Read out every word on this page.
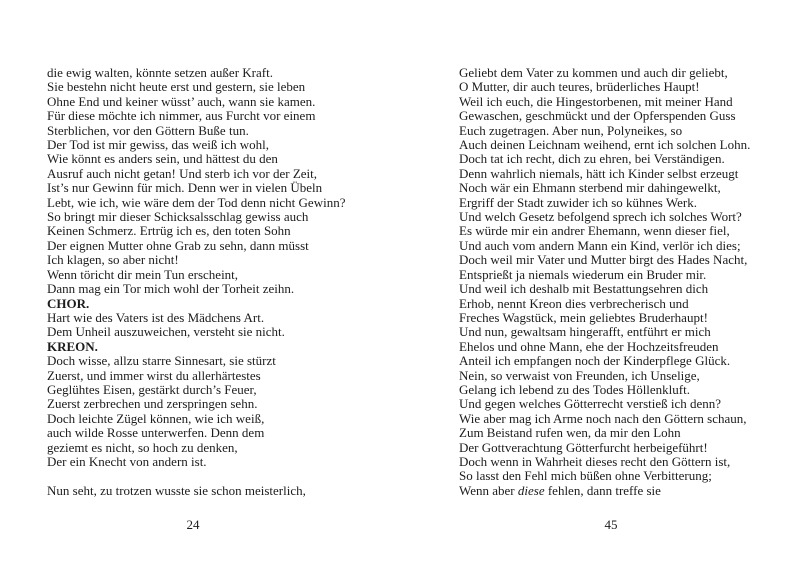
die ewig walten, könnte setzen außer Kraft.
Sie bestehn nicht heute erst und gestern, sie leben
Ohne End und keiner wüsst’ auch, wann sie kamen.
Für diese möchte ich nimmer, aus Furcht vor einem
Sterblichen, vor den Göttern Buße tun.
Der Tod ist mir gewiss, das weiß ich wohl,
Wie könnt es anders sein, und hättest du den
Ausruf auch nicht getan! Und sterb ich vor der Zeit,
Ist’s nur Gewinn für mich. Denn wer in vielen Übeln
Lebt, wie ich, wie wäre dem der Tod denn nicht Gewinn?
So bringt mir dieser Schicksalsschlag gewiss auch
Keinen Schmerz. Ertrüg ich es, den toten Sohn
Der eignen Mutter ohne Grab zu sehn, dann müsst
Ich klagen, so aber nicht!
Wenn töricht dir mein Tun erscheint,
Dann mag ein Tor mich wohl der Torheit zeihn.
CHOR.
Hart wie des Vaters ist des Mädchens Art.
Dem Unheil auszuweichen, versteht sie nicht.
KREON.
Doch wisse, allzu starre Sinnesart, sie stürzt
Zuerst, und immer wirst du allerhärtestes
Geglühtes Eisen, gestärkt durch’s Feuer,
Zuerst zerbrechen und zerspringen sehn.
Doch leichte Zügel können, wie ich weiß,
auch wilde Rosse unterwerfen. Denn dem
geziemt es nicht, so hoch zu denken,
Der ein Knecht von andern ist.

Nun seht, zu trotzen wusste sie schon meisterlich,
Geliebt dem Vater zu kommen und auch dir geliebt,
O Mutter, dir auch teures, brüderliches Haupt!
Weil ich euch, die Hingestorbenen, mit meiner Hand
Gewaschen, geschmückt und der Opferspenden Guss
Euch zugetragen. Aber nun, Polyneikes, so
Auch deinen Leichnam weihend, ernt ich solchen Lohn.
Doch tat ich recht, dich zu ehren, bei Verständigen.
Denn wahrlich niemals, hätt ich Kinder selbst erzeugt
Noch wär ein Ehmann sterbend mir dahingewelkt,
Ergriff der Stadt zuwider ich so kühnes Werk.
Und welch Gesetz befolgend sprech ich solches Wort?
Es würde mir ein andrer Ehemann, wenn dieser fiel,
Und auch vom andern Mann ein Kind, verlör ich dies;
Doch weil mir Vater und Mutter birgt des Hades Nacht,
Entsprießt ja niemals wiederum ein Bruder mir.
Und weil ich deshalb mit Bestattungsehren dich
Erhob, nennt Kreon dies verbrecherisch und
Freches Wagstück, mein geliebtes Bruderhaupt!
Und nun, gewaltsam hingerafft, entführt er mich
Ehelos und ohne Mann, ehe der Hochzeitsfreuden
Anteil ich empfangen noch der Kinderpflege Glück.
Nein, so verwaist von Freunden, ich Unselige,
Gelang ich lebend zu des Todes Höllenkluft.
Und gegen welches Götterrecht verstieß ich denn?
Wie aber mag ich Arme noch nach den Göttern schaun,
Zum Beistand rufen wen, da mir den Lohn
Der Gottverachtung Götterfurcht herbeigeführt!
Doch wenn in Wahrheit dieses recht den Göttern ist,
So lasst den Fehl mich büßen ohne Verbitterung;
Wenn aber diese fehlen, dann treffe sie
24	45
